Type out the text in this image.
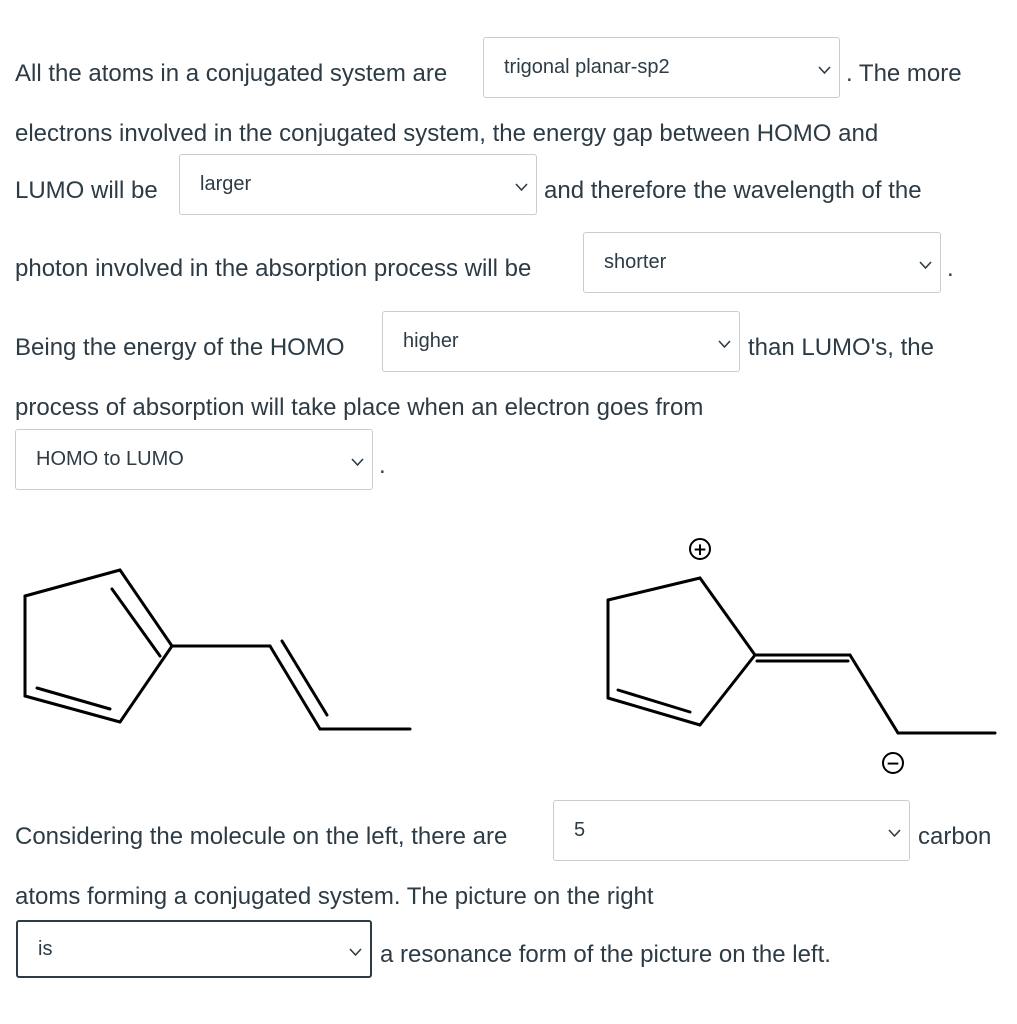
All the atoms in a conjugated system are	trigonal planar-sp2	. The more
electrons involved in the conjugated system, the energy gap between HOMO and
LUMO will be larger	and therefore the wavelength of the
photon involved in the absorption process will be	shorter	.
Being the energy of the HOMO	higher	than LUMO's, the
process of absorption will take place when an electron goes from
HOMO to LUMO	.
+
−
Considering the molecule on the left, there are	5	carbon
atoms forming a conjugated system. The picture on the right
is	a resonance form of the picture on the left.
